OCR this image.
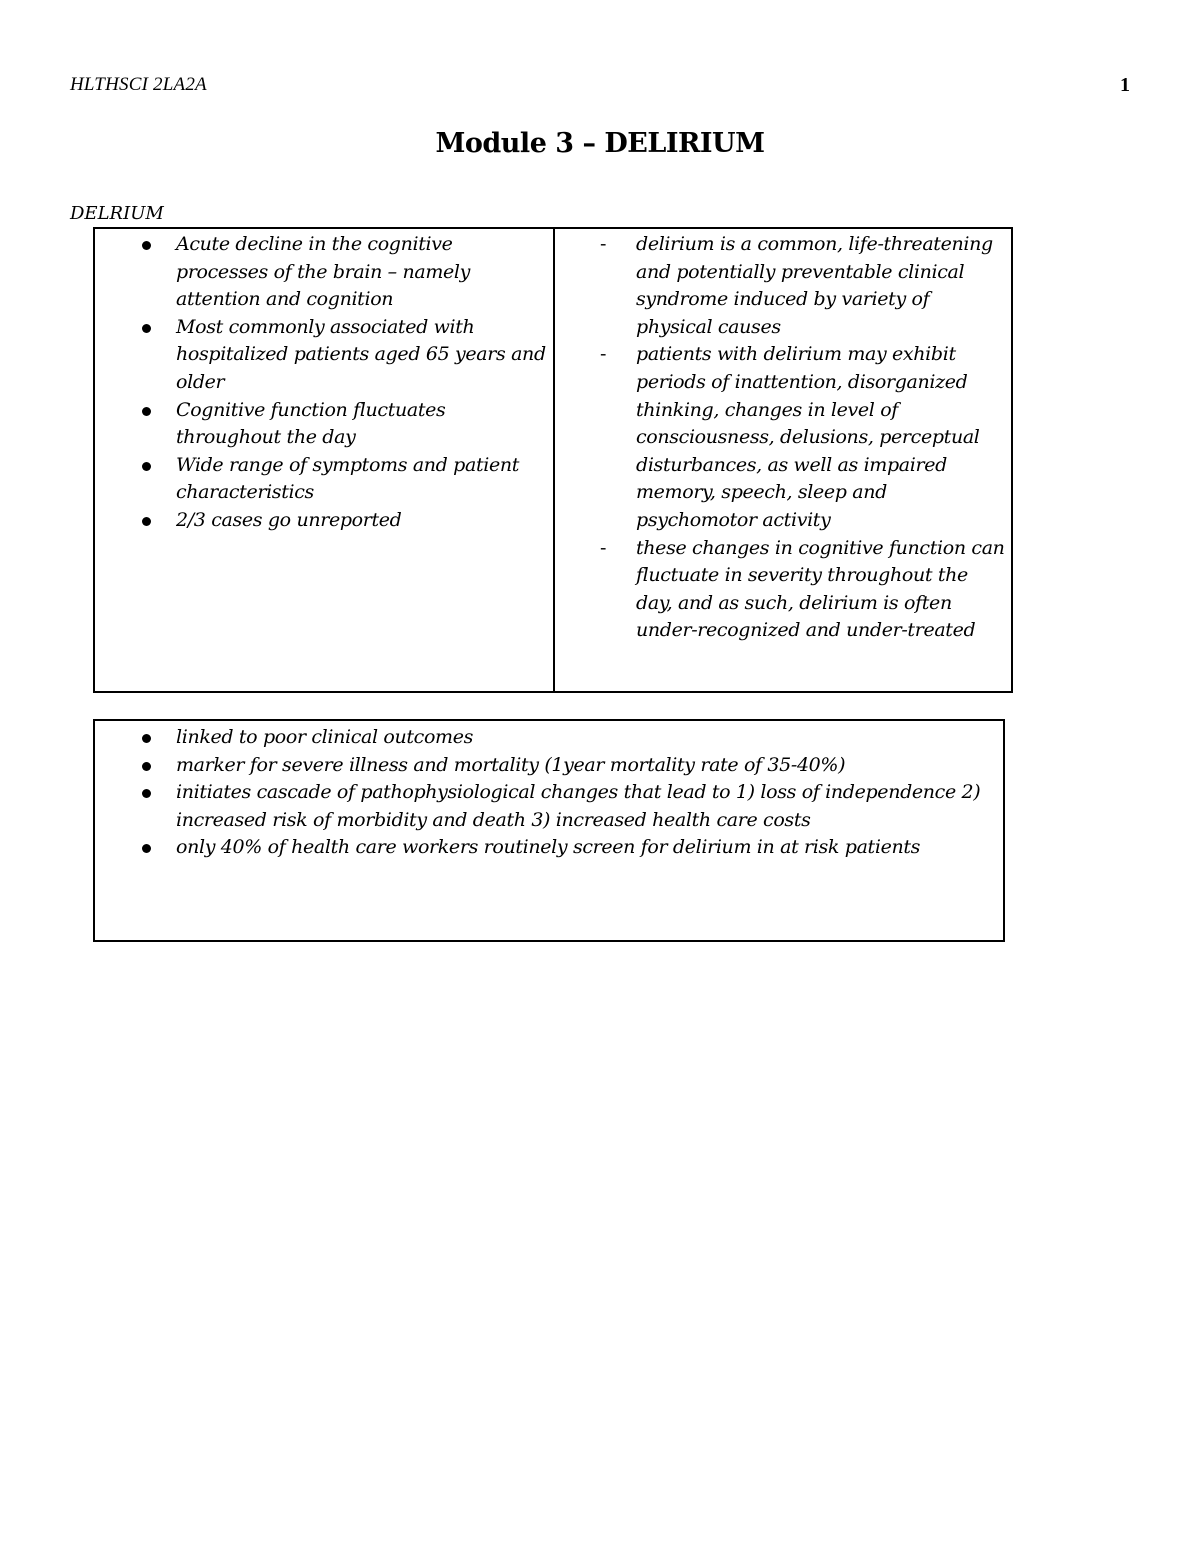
HLTHSCI 2LA2A	1
Module 3 – DELIRIUM
DELRIUM
Acute decline in the cognitive processes of the brain – namely attention and cognition
Most commonly associated with hospitalized patients aged 65 years and older
Cognitive function fluctuates throughout the day
Wide range of symptoms and patient characteristics
2/3 cases go unreported
- delirium is a common, life-threatening and potentially preventable clinical syndrome induced by variety of physical causes
- patients with delirium may exhibit periods of inattention, disorganized thinking, changes in level of consciousness, delusions, perceptual disturbances, as well as impaired memory, speech, sleep and psychomotor activity
- these changes in cognitive function can fluctuate in severity throughout the day, and as such, delirium is often under-recognized and under-treated
linked to poor clinical outcomes
marker for severe illness and mortality (1year mortality rate of 35-40%)
initiates cascade of pathophysiological changes that lead to 1) loss of independence 2) increased risk of morbidity and death 3) increased health care costs
only 40% of health care workers routinely screen for delirium in at risk patients
